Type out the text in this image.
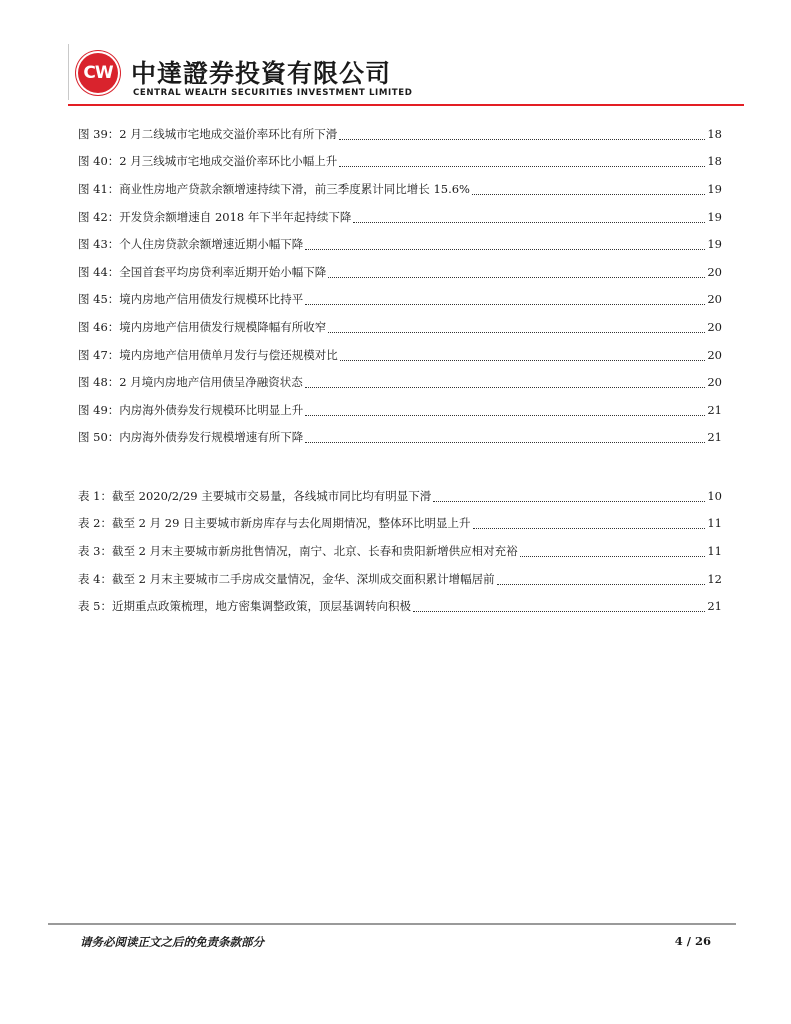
CW 中達證券投資有限公司
CENTRAL WEALTH SECURITIES INVESTMENT LIMITED
图 39：2 月二线城市宅地成交溢价率环比有所下滑	18
图 40：2 月三线城市宅地成交溢价率环比小幅上升	18
图 41：商业性房地产贷款余额增速持续下滑，前三季度累计同比增长 15.6%	19
图 42：开发贷余额增速自 2018 年下半年起持续下降	19
图 43：个人住房贷款余额增速近期小幅下降	19
图 44：全国首套平均房贷利率近期开始小幅下降	20
图 45：境内房地产信用债发行规模环比持平	20
图 46：境内房地产信用债发行规模降幅有所收窄	20
图 47：境内房地产信用债单月发行与偿还规模对比	20
图 48：2 月境内房地产信用债呈净融资状态	20
图 49：内房海外债券发行规模环比明显上升	21
图 50：内房海外债券发行规模增速有所下降	21
表 1：截至 2020/2/29 主要城市交易量，各线城市同比均有明显下滑	10
表 2：截至 2 月 29 日主要城市新房库存与去化周期情况，整体环比明显上升	11
表 3：截至 2 月末主要城市新房批售情况，南宁、北京、长春和贵阳新增供应相对充裕	11
表 4：截至 2 月末主要城市二手房成交量情况，金华、深圳成交面积累计增幅居前	12
表 5：近期重点政策梳理，地方密集调整政策，顶层基调转向积极	21
请务必阅读正文之后的免责条款部分	4 / 26
